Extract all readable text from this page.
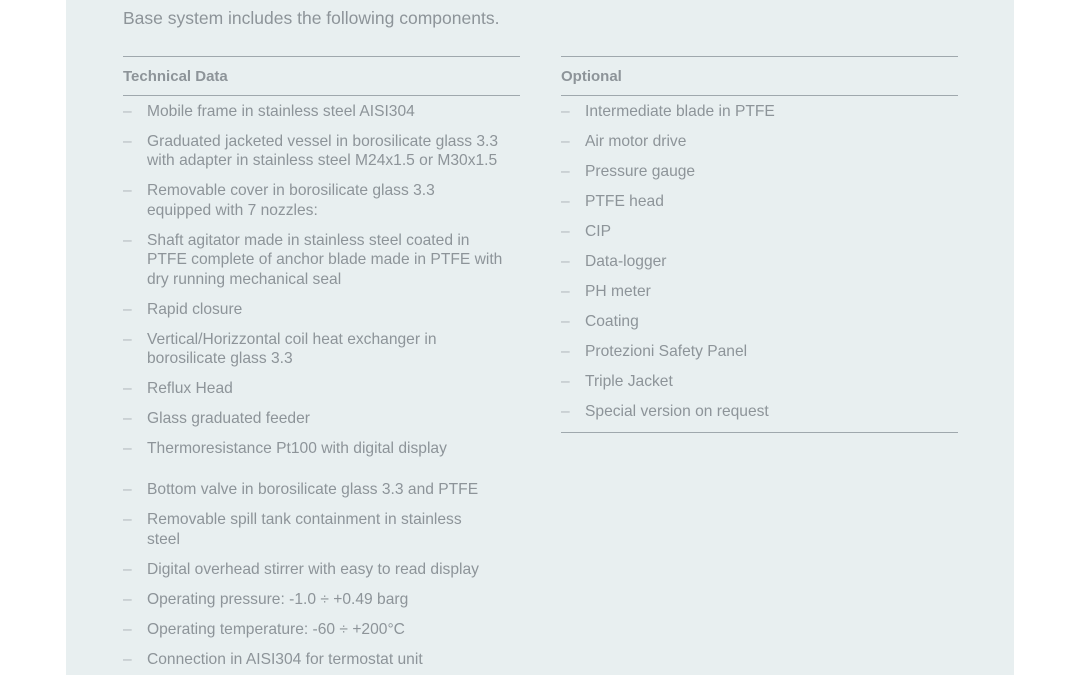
Base system includes the following components.

Technical Data
– Mobile frame in stainless steel AISI304
– Graduated jacketed vessel in borosilicate glass 3.3 with adapter in stainless steel M24x1.5 or M30x1.5
– Removable cover in borosilicate glass 3.3 equipped with 7 nozzles:
– Shaft agitator made in stainless steel coated in PTFE complete of anchor blade made in PTFE with dry running mechanical seal
– Rapid closure
– Vertical/Horizzontal coil heat exchanger in borosilicate glass 3.3
– Reflux Head
– Glass graduated feeder
– Thermoresistance Pt100 with digital display
– Bottom valve in borosilicate glass 3.3 and PTFE
– Removable spill tank containment in stainless steel
– Digital overhead stirrer with easy to read display
– Operating pressure: -1.0 ÷ +0.49 barg
– Operating temperature: -60 ÷ +200°C
– Connection in AISI304 for termostat unit
Optional
– Intermediate blade in PTFE
– Air motor drive
– Pressure gauge
– PTFE head
– CIP
– Data-logger
– PH meter
– Coating
– Protezioni Safety Panel
– Triple Jacket
– Special version on request
